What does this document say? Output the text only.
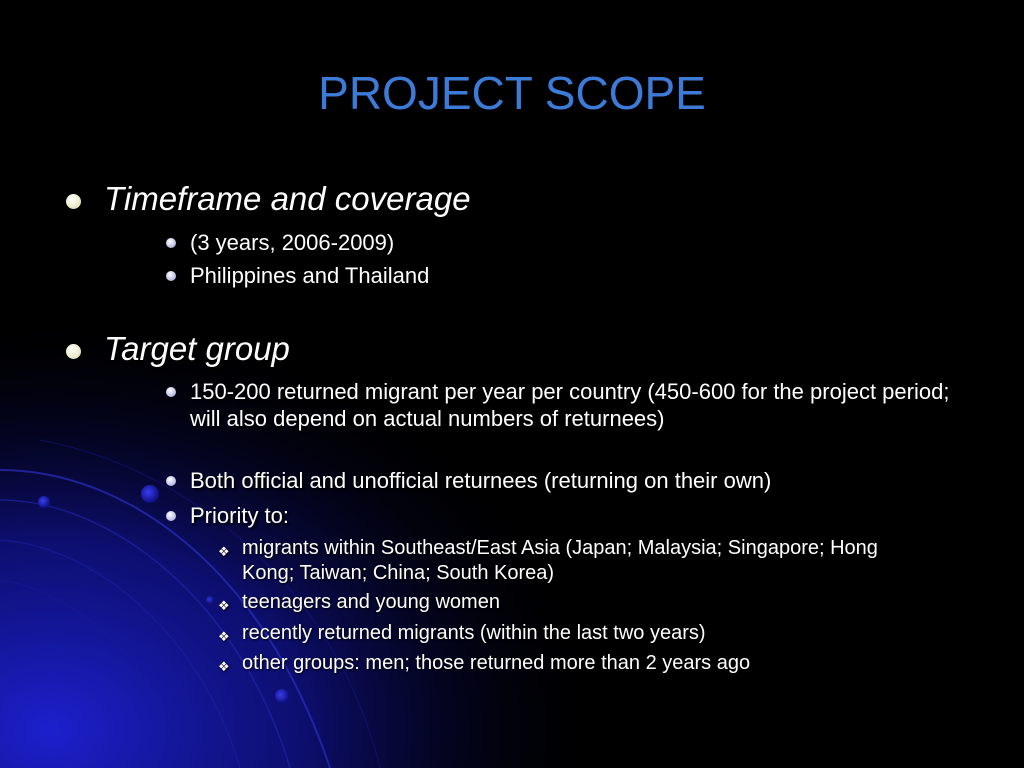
PROJECT SCOPE
Timeframe and coverage
(3 years, 2006-2009)
Philippines and Thailand
Target group
150-200 returned migrant per year per country (450-600 for the project period; will also depend on actual numbers of returnees)
Both official and unofficial returnees (returning on their own)
Priority to:
❖ migrants within Southeast/East Asia (Japan; Malaysia; Singapore; Hong Kong; Taiwan; China; South Korea)
❖ teenagers and young women
❖ recently returned migrants (within the last two years)
❖ other groups: men; those returned more than 2 years ago
